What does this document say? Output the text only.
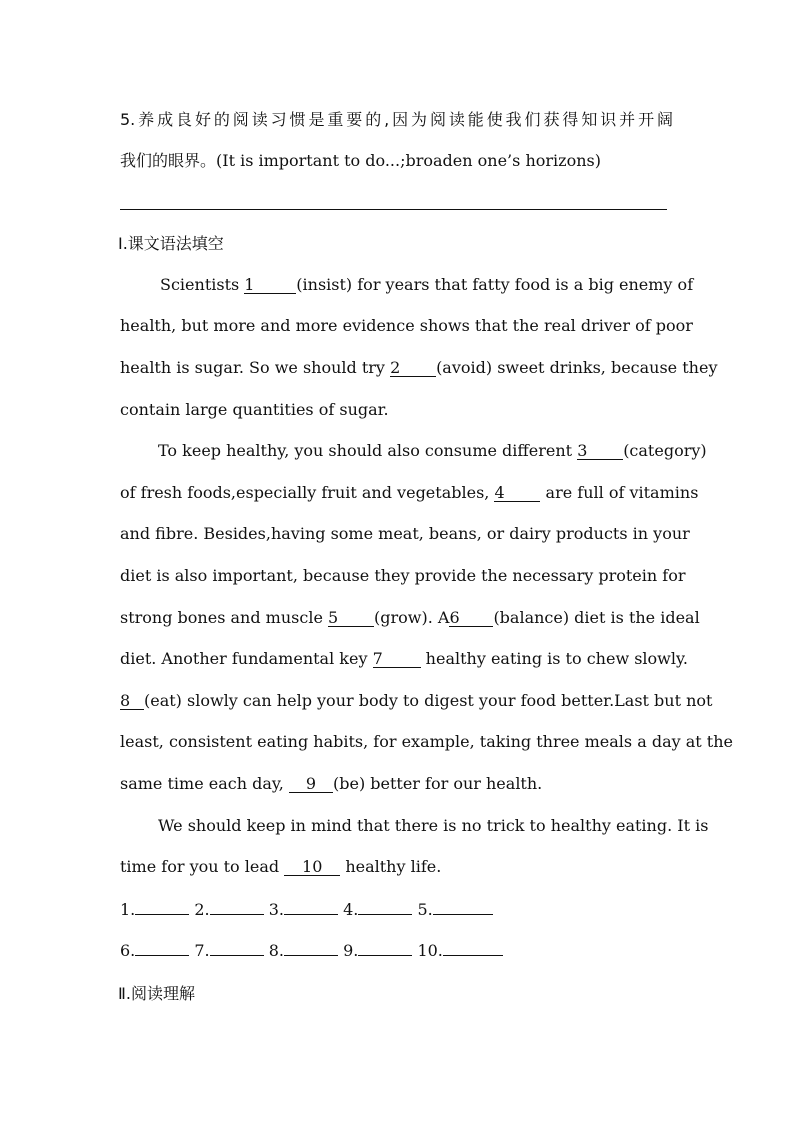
5.养成良好的阅读习惯是重要的,因为阅读能使我们获得知识并开阔
我们的眼界。(It is important to do...;broaden one’s horizons)
Ⅰ.课文语法填空
Scientists 1	(insist) for years that fatty food is a big enemy of
health, but more and more evidence shows that the real driver of poor
health is sugar. So we should try 2 (avoid) sweet drinks, because they
contain large quantities of sugar.
To keep healthy, you should also consume different 3 (category)
of fresh foods,especially fruit and vegetables, 4 are full of vitamins
and fibre. Besides,having some meat, beans, or dairy products in your
diet is also important, because they provide the necessary protein for
strong bones and muscle 5 (grow). A6 (balance) diet is the ideal
diet. Another fundamental key 7 healthy eating is to chew slowly.
8 (eat) slowly can help your body to digest your food better.Last but not
least, consistent eating habits, for example, taking three meals a day at the
same time each day, 9 (be) better for our health.
We should keep in mind that there is no trick to healthy eating. It is
time for you to lead 10 healthy life.
1.	2.	3.	4.	5.
6.	7.	8.	9.	10.
Ⅱ.阅读理解
